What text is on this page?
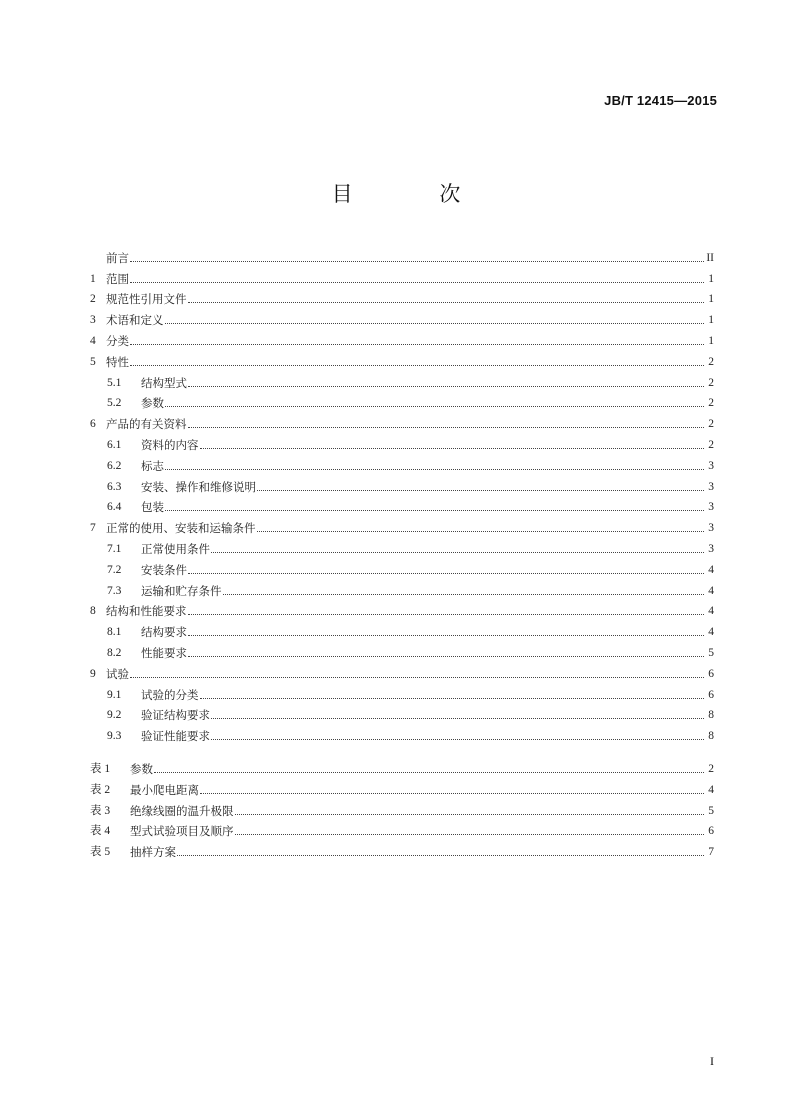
JB/T 12415—2015
目 次
前言	II
1 范围	1
2 规范性引用文件	1
3 术语和定义	1
4 分类	1
5 特性	2
5.1	结构型式	2
5.2	参数	2
6 产品的有关资料	2
6.1	资料的内容	2
6.2	标志	3
6.3	安装、操作和维修说明	3
6.4	包装	3
7 正常的使用、安装和运输条件	3
7.1	正常使用条件	3
7.2	安装条件	4
7.3	运输和贮存条件	4
8 结构和性能要求	4
8.1	结构要求	4
8.2	性能要求	5
9 试验	6
9.1	试验的分类	6
9.2	验证结构要求	8
9.3	验证性能要求	8
表 1	参数	2
表 2	最小爬电距离	4
表 3	绝缘线圈的温升极限	5
表 4	型式试验项目及顺序	6
表 5	抽样方案	7
I
